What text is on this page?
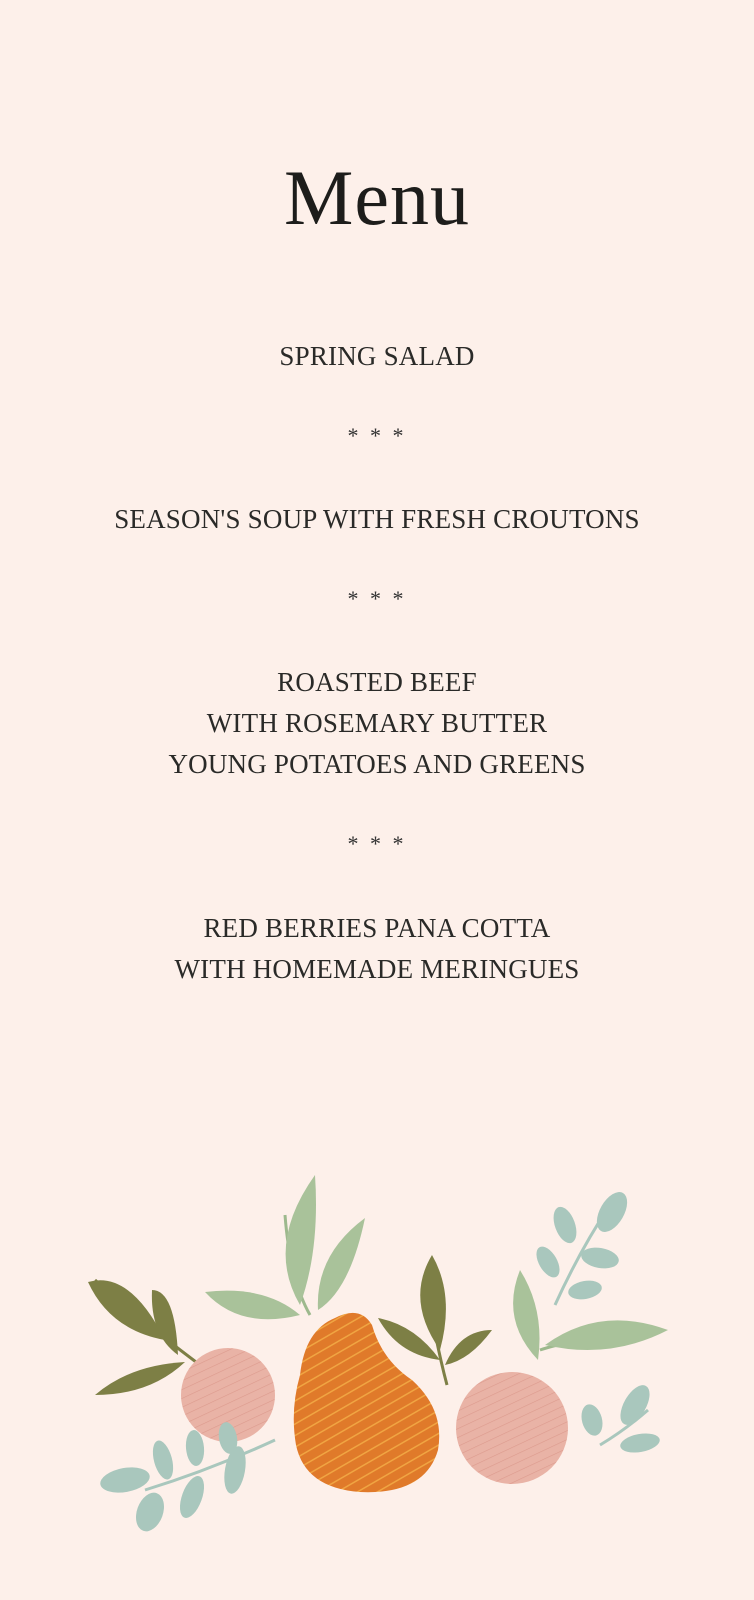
Menu
SPRING SALAD
* * *
SEASON'S SOUP WITH FRESH CROUTONS
* * *
ROASTED BEEF
WITH ROSEMARY BUTTER
YOUNG POTATOES AND GREENS
* * *
RED BERRIES PANA COTTA
WITH HOMEMADE MERINGUES
